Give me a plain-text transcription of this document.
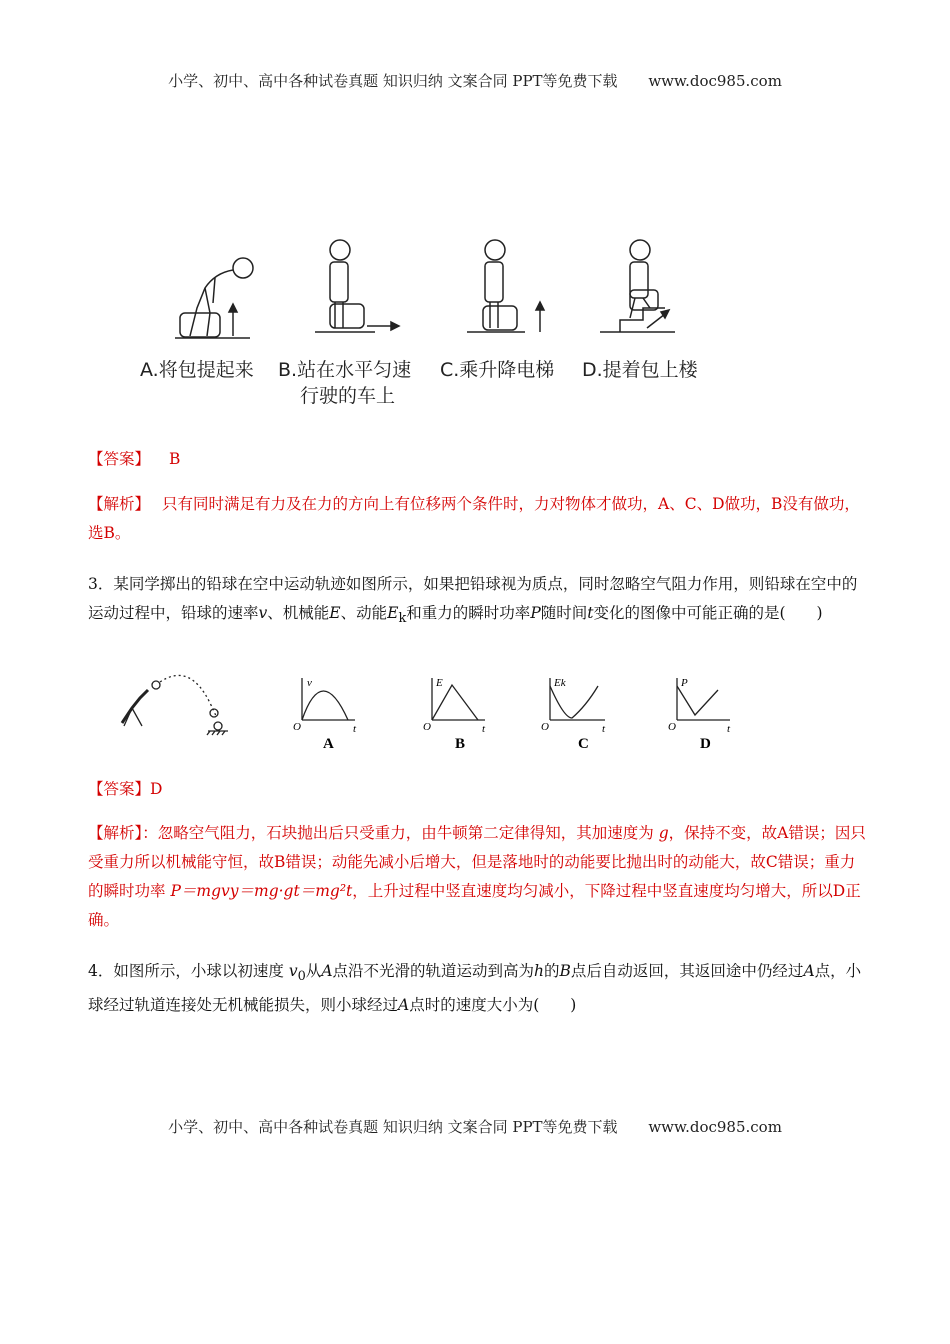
小学、初中、高中各种试卷真题 知识归纳 文案合同 PPT等免费下载 www.doc985.com
A.将包提起来 B.站在水平匀速
行驶的车上
C.乘升降电梯 D.提着包上楼
【答案】 B
【解析】 只有同时满足有力及在力的方向上有位移两个条件时，力对物体才做功，A、C、D做功，B没有做功，选B。
3．某同学掷出的铅球在空中运动轨迹如图所示，如果把铅球视为质点，同时忽略空气阻力作用，则铅球在空中的运动过程中，铅球的速率v、机械能E、动能$E_k$和重力的瞬时功率P随时间t变化的图像中可能正确的是(　　)
v
O	t
E
O	t
Ek
O	t
P
O	t
A	B	C	D
【答案】D
【解析】：忽略空气阻力，石块抛出后只受重力，由牛顿第二定律得知，其加速度为 g，保持不变，故A错误；因只受重力所以机械能守恒，故B错误；动能先减小后增大，但是落地时的动能要比抛出时的动能大，故C错误；重力的瞬时功率 P＝mgvy＝mg·gt＝mg²t，上升过程中竖直速度均匀减小，下降过程中竖直速度均匀增大，所以D正确。
4．如图所示，小球以初速度 $v_0$从A点沿不光滑的轨道运动到高为h的B点后自动返回，其返回途中仍经过A点，小球经过轨道连接处无机械能损失，则小球经过A点时的速度大小为(　　)
小学、初中、高中各种试卷真题 知识归纳 文案合同 PPT等免费下载 www.doc985.com
